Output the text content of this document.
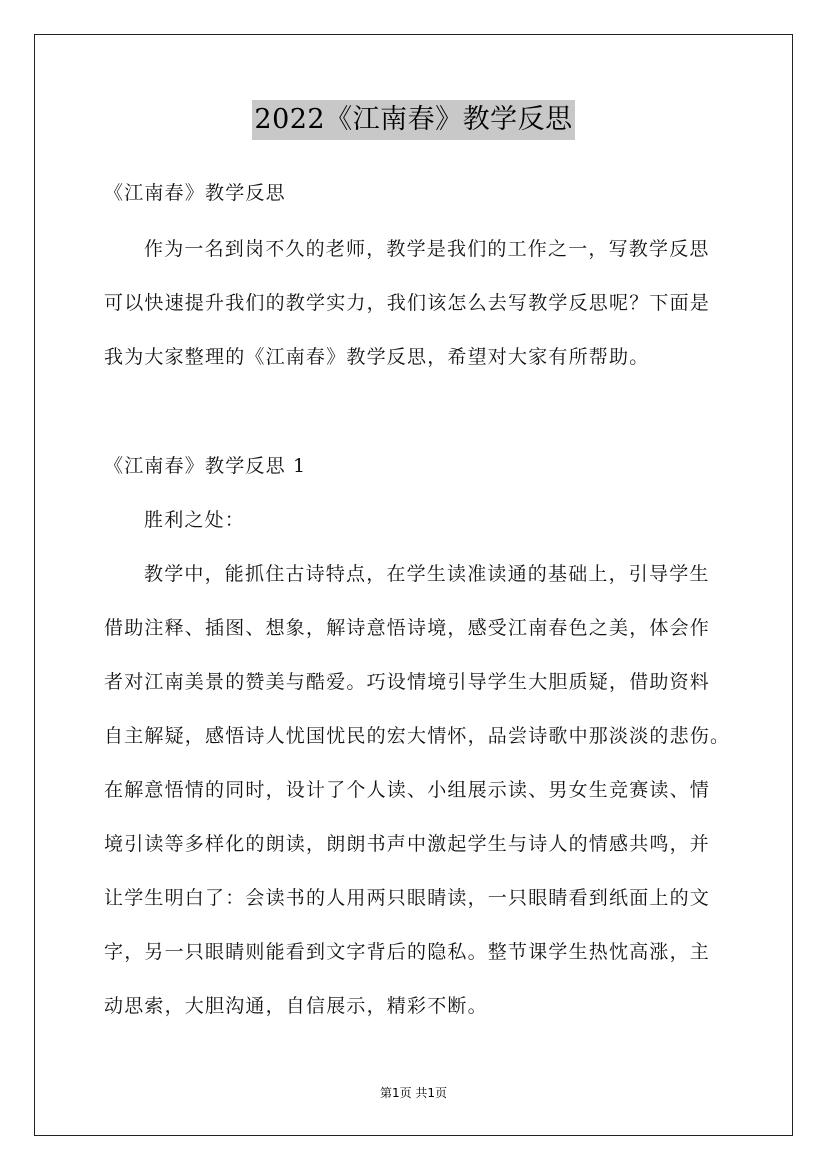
2022《江南春》教学反思
《江南春》教学反思
作为一名到岗不久的老师，教学是我们的工作之一，写教学反思
可以快速提升我们的教学实力，我们该怎么去写教学反思呢？下面是
我为大家整理的《江南春》教学反思，希望对大家有所帮助。
《江南春》教学反思 1
胜利之处：
教学中，能抓住古诗特点，在学生读准读通的基础上，引导学生
借助注释、插图、想象，解诗意悟诗境，感受江南春色之美，体会作
者对江南美景的赞美与酷爱。巧设情境引导学生大胆质疑，借助资料
自主解疑，感悟诗人忧国忧民的宏大情怀，品尝诗歌中那淡淡的悲伤。
在解意悟情的同时，设计了个人读、小组展示读、男女生竞赛读、情
境引读等多样化的朗读，朗朗书声中激起学生与诗人的情感共鸣，并
让学生明白了：会读书的人用两只眼睛读，一只眼睛看到纸面上的文
字，另一只眼睛则能看到文字背后的隐私。整节课学生热忱高涨，主
动思索，大胆沟通，自信展示，精彩不断。
第1页 共1页
